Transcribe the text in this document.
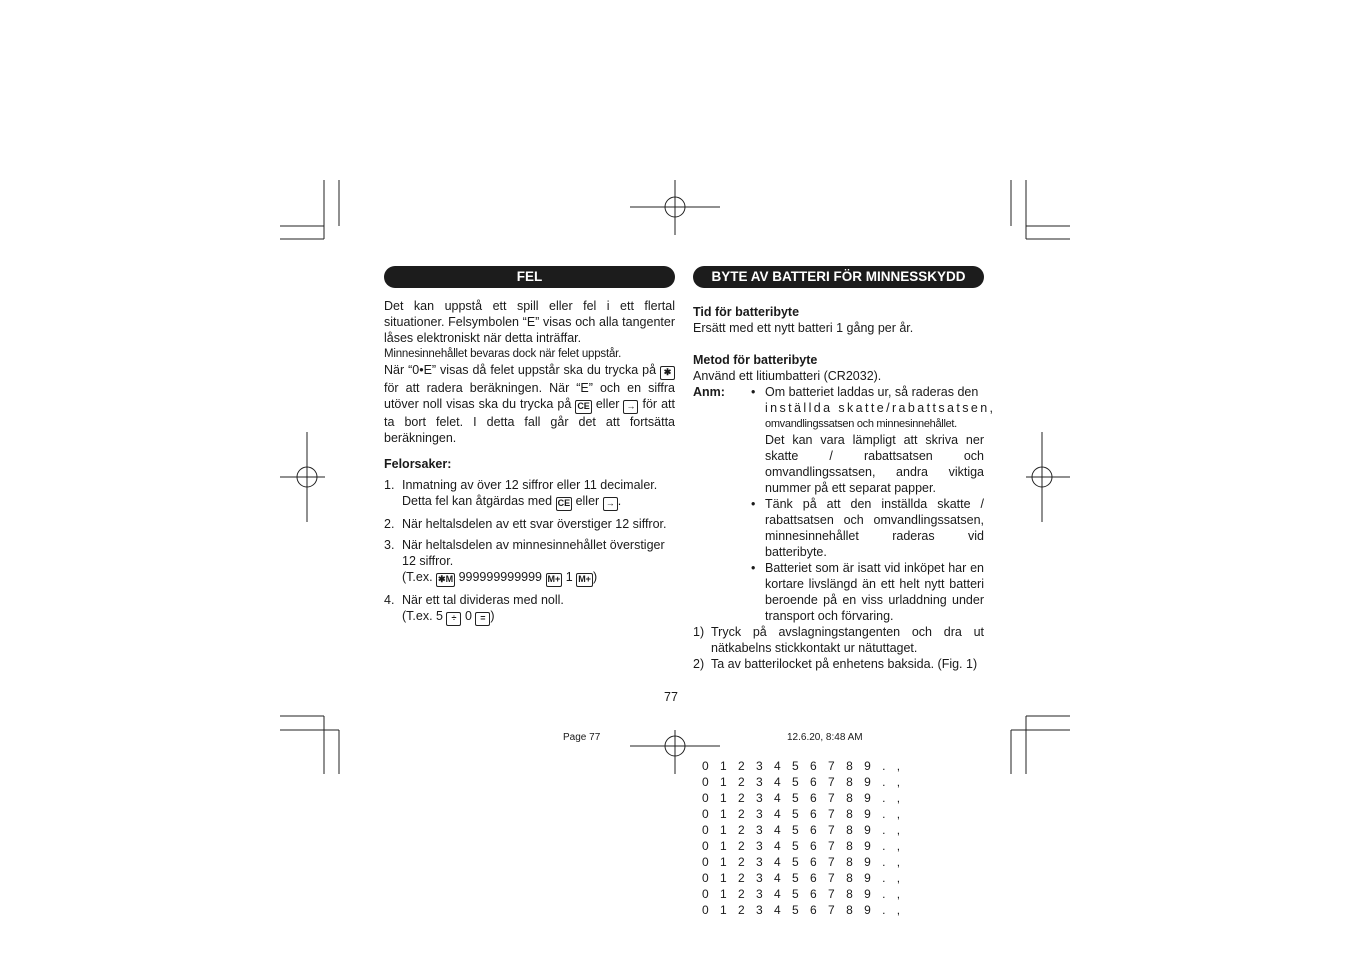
FEL

Det kan uppstå ett spill eller fel i ett flertal situationer. Felsymbolen “E” visas och alla tangenter låses elektroniskt när detta inträffar.

Minnesinnehållet bevaras dock när felet uppstår.

När “0•E” visas då felet uppstår ska du trycka på ✱ för att radera beräkningen. När “E” och en siffra utöver noll visas ska du trycka på CE eller → för att ta bort felet. I detta fall går det att fortsätta beräkningen.

Felorsaker:

1. Inmatning av över 12 siffror eller 11 decimaler.
Detta fel kan åtgärdas med CE eller → .
2. När heltalsdelen av ett svar överstiger 12 siffror.
3. När heltalsdelen av minnesinnehållet överstiger 12 siffror.
(T.ex. ✱M 999999999999 M+ 1 M+ )
4. När ett tal divideras med noll.
(T.ex. 5 ÷ 0 = )
BYTE AV BATTERI FÖR MINNESSKYDD

Tid för batteribyte

Ersätt med ett nytt batteri 1 gång per år.

Metod för batteribyte

Använd ett litiumbatteri (CR2032).

Anm: • Om batteriet laddas ur, så raderas den
inställda skatte/rabattsatsen,
omvandlingssatsen och minnesinnehållet.
Det kan vara lämpligt att skriva ner skatte / rabattsatsen och omvandlingssatsen, andra viktiga nummer på ett separat papper.
• Tänk på att den inställda skatte / rabattsatsen och omvandlingssatsen, minnesinnehållet raderas vid batteribyte.
• Batteriet som är isatt vid inköpet har en kortare livslängd än ett helt nytt batteri beroende på en viss urladdning under transport och förvaring.
1) Tryck på avslagningstangenten och dra ut nätkabelns stickkontakt ur nätuttaget.
2) Ta av batterilocket på enhetens baksida. (Fig. 1)
77
Page 77	12.6.20, 8:48 AM
0 1 2 3 4 5 6 7 8 9 . ,
0 1 2 3 4 5 6 7 8 9 . ,
0 1 2 3 4 5 6 7 8 9 . ,
0 1 2 3 4 5 6 7 8 9 . ,
0 1 2 3 4 5 6 7 8 9 . ,
0 1 2 3 4 5 6 7 8 9 . ,
0 1 2 3 4 5 6 7 8 9 . ,
0 1 2 3 4 5 6 7 8 9 . ,
0 1 2 3 4 5 6 7 8 9 . ,
0 1 2 3 4 5 6 7 8 9 . ,
